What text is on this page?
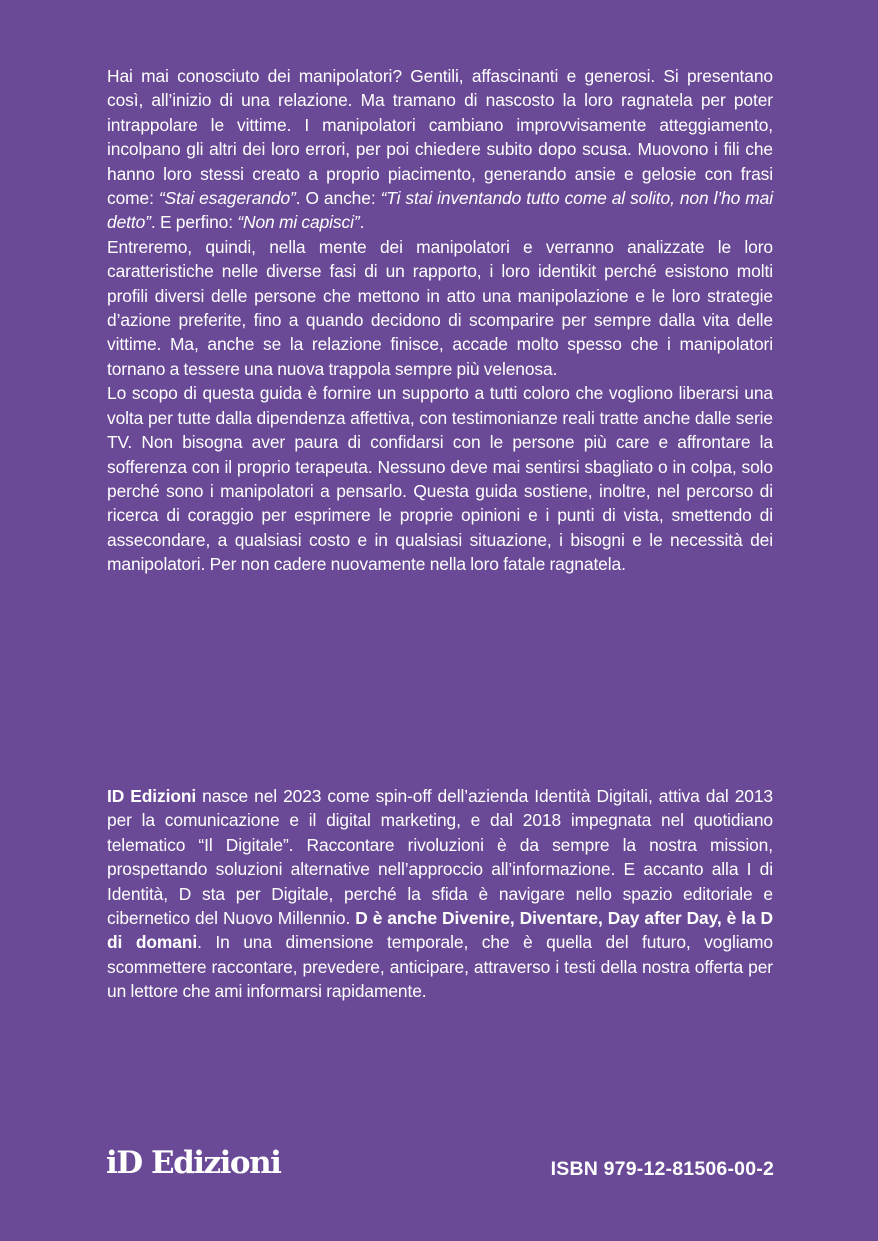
Hai mai conosciuto dei manipolatori? Gentili, affascinanti e generosi. Si presentano così, all’inizio di una relazione. Ma tramano di nascosto la loro ragnatela per poter intrappolare le vittime. I manipolatori cambiano improvvisamente atteggiamento, incolpano gli altri dei loro errori, per poi chiedere subito dopo scusa. Muovono i fili che hanno loro stessi creato a proprio piacimento, generando ansie e gelosie con frasi come: “Stai esagerando”. O anche: “Ti stai inventando tutto come al solito, non l’ho mai detto”. E perfino: “Non mi capisci”.

Entreremo, quindi, nella mente dei manipolatori e verranno analizzate le loro caratteristiche nelle diverse fasi di un rapporto, i loro identikit perché esistono molti profili diversi delle persone che mettono in atto una manipolazione e le loro strategie d’azione preferite, fino a quando decidono di scomparire per sempre dalla vita delle vittime. Ma, anche se la relazione finisce, accade molto spesso che i manipolatori tornano a tessere una nuova trappola sempre più velenosa.

Lo scopo di questa guida è fornire un supporto a tutti coloro che vogliono liberarsi una volta per tutte dalla dipendenza affettiva, con testimonianze reali tratte anche dalle serie TV. Non bisogna aver paura di confidarsi con le persone più care e affrontare la sofferenza con il proprio terapeuta. Nessuno deve mai sentirsi sbagliato o in colpa, solo perché sono i manipolatori a pensarlo. Questa guida sostiene, inoltre, nel percorso di ricerca di coraggio per esprimere le proprie opinioni e i punti di vista, smettendo di assecondare, a qualsiasi costo e in qualsiasi situazione, i bisogni e le necessità dei manipolatori. Per non cadere nuovamente nella loro fatale ragnatela.

ID Edizioni nasce nel 2023 come spin-off dell’azienda Identità Digitali, attiva dal 2013 per la comunicazione e il digital marketing, e dal 2018 impegnata nel quotidiano telematico “Il Digitale”. Raccontare rivoluzioni è da sempre la nostra mission, prospettando soluzioni alternative nell’approccio all’informazione. E accanto alla I di Identità, D sta per Digitale, perché la sfida è navigare nello spazio editoriale e cibernetico del Nuovo Millennio. D è anche Divenire, Diventare, Day after Day, è la D di domani. In una dimensione temporale, che è quella del futuro, vogliamo scommettere raccontare, prevedere, anticipare, attraverso i testi della nostra offerta per un lettore che ami informarsi rapidamente.

iD Edizioni	ISBN 979-12-81506-00-2
